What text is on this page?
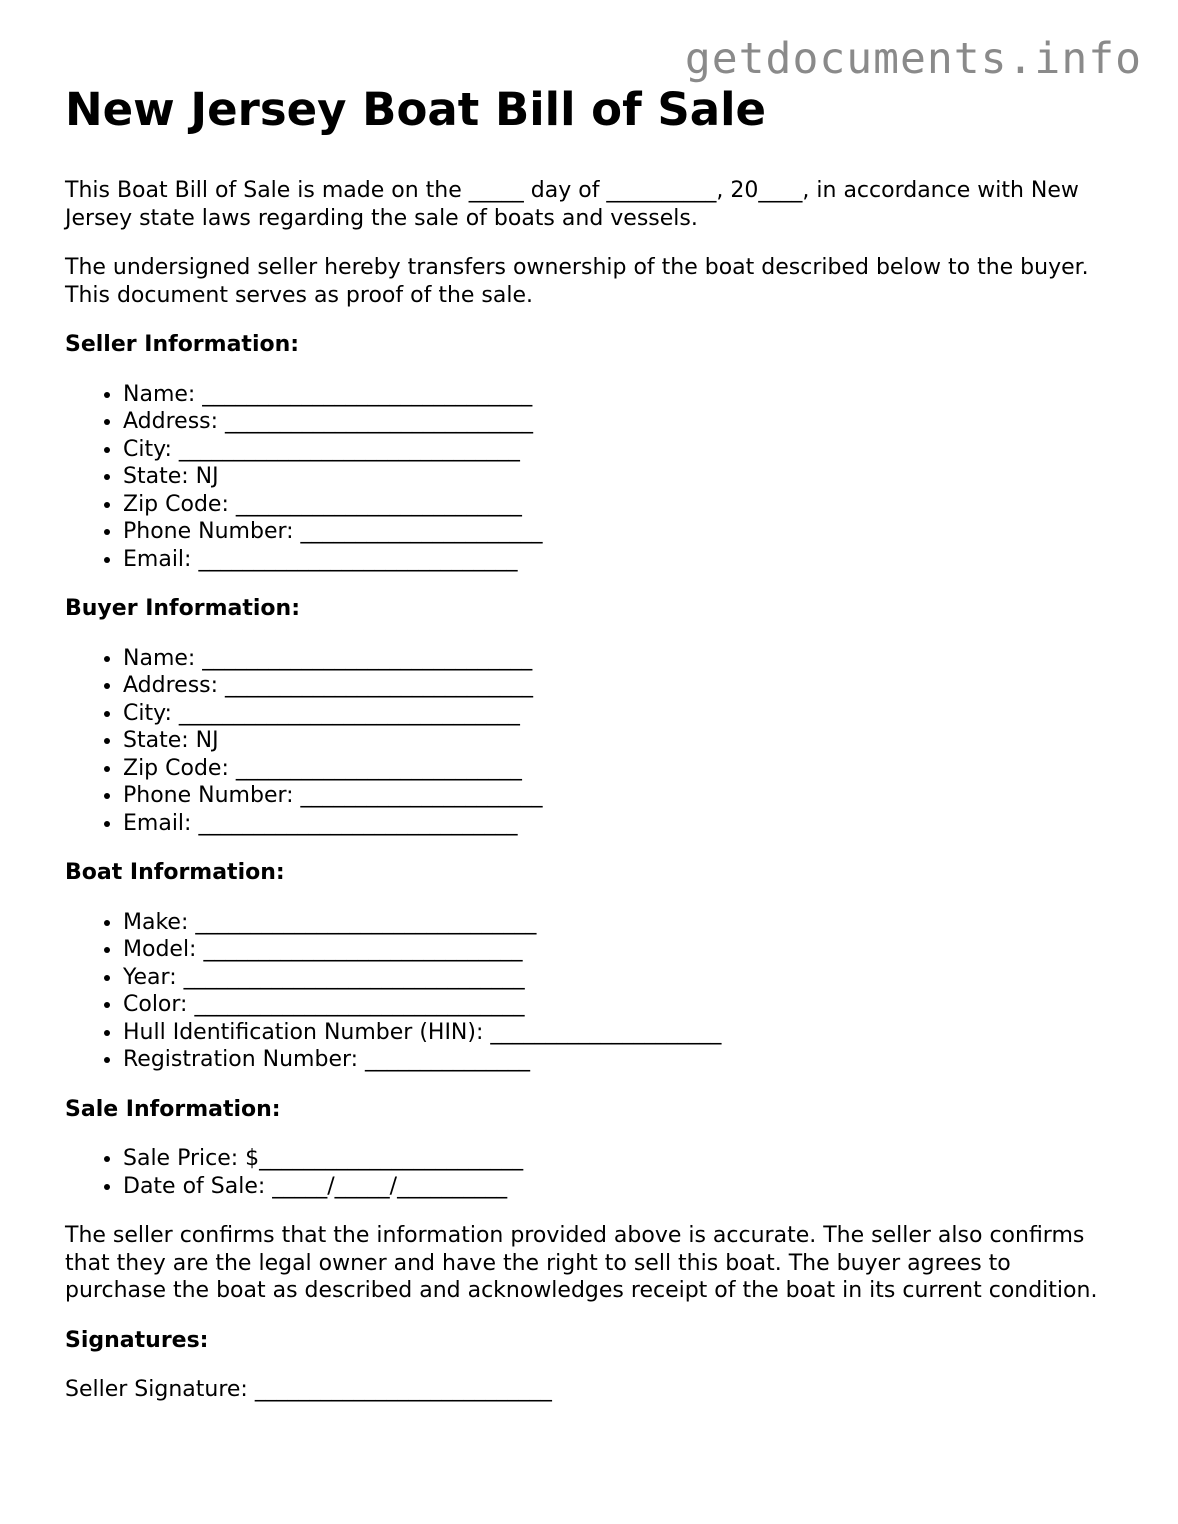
getdocuments.info
New Jersey Boat Bill of Sale

This Boat Bill of Sale is made on the _____ day of __________, 20____, in accordance with New Jersey state laws regarding the sale of boats and vessels.

The undersigned seller hereby transfers ownership of the boat described below to the buyer. This document serves as proof of the sale.

Seller Information:
• Name: ______________________________
• Address: ____________________________
• City: _______________________________
• State: NJ
• Zip Code: __________________________
• Phone Number: ______________________
• Email: _____________________________
Buyer Information:
• Name: ______________________________
• Address: ____________________________
• City: _______________________________
• State: NJ
• Zip Code: __________________________
• Phone Number: ______________________
• Email: _____________________________
Boat Information:
• Make: _______________________________
• Model: _____________________________
• Year: _______________________________
• Color: ______________________________
• Hull Identification Number (HIN): _____________________
• Registration Number: _______________
Sale Information:
• Sale Price: $________________________
• Date of Sale: _____/_____/__________

The seller confirms that the information provided above is accurate. The seller also confirms that they are the legal owner and have the right to sell this boat. The buyer agrees to purchase the boat as described and acknowledges receipt of the boat in its current condition.

Signatures:

Seller Signature: ___________________________
